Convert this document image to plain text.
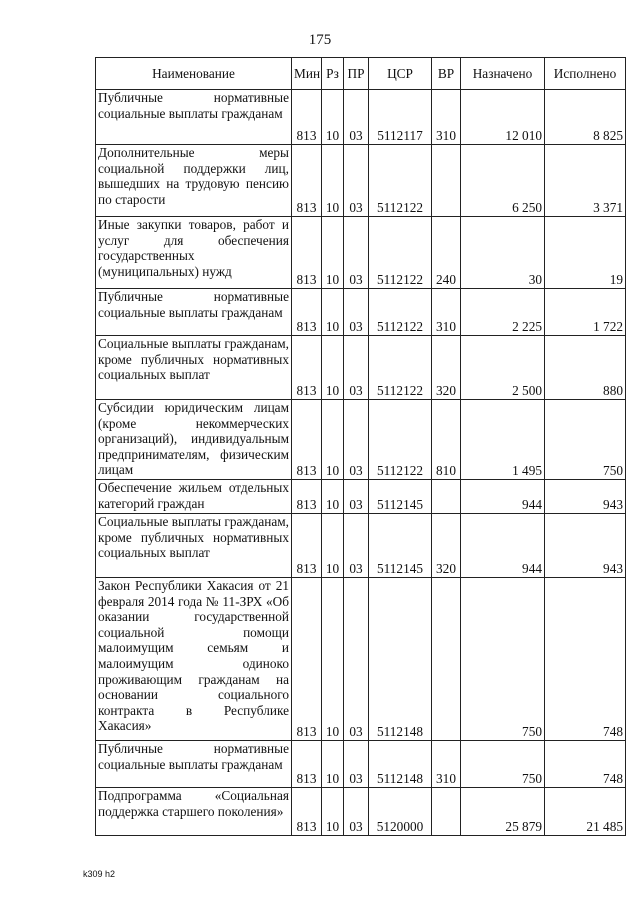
175
Наименование	Мин	Рз	ПР	ЦСР	ВР	Назначено	Исполнено
Публичные нормативные социальные выплаты гражданам	813	10	03	5112117	310	12 010	8 825
Дополнительные меры социальной поддержки лиц, вышедших на трудовую пенсию по старости	813	10	03	5112122		6 250	3 371
Иные закупки товаров, работ и услуг для обеспечения государственных (муниципальных) нужд	813	10	03	5112122	240	30	19
Публичные нормативные социальные выплаты гражданам	813	10	03	5112122	310	2 225	1 722
Социальные выплаты гражданам, кроме публичных нормативных социальных выплат	813	10	03	5112122	320	2 500	880
Субсидии юридическим лицам (кроме некоммерческих организаций), индивидуальным предпринимателям, физическим лицам	813	10	03	5112122	810	1 495	750
Обеспечение жильем отдельных категорий граждан	813	10	03	5112145		944	943
Социальные выплаты гражданам, кроме публичных нормативных социальных выплат	813	10	03	5112145	320	944	943
Закон Республики Хакасия от 21 февраля 2014 года № 11-ЗРХ «Об оказании государственной социальной помощи малоимущим семьям и малоимущим одиноко проживающим гражданам на основании социального контракта в Республике Хакасия»	813	10	03	5112148		750	748
Публичные нормативные социальные выплаты гражданам	813	10	03	5112148	310	750	748
Подпрограмма «Социальная поддержка старшего поколения»	813	10	03	5120000		25 879	21 485
k309 h2
